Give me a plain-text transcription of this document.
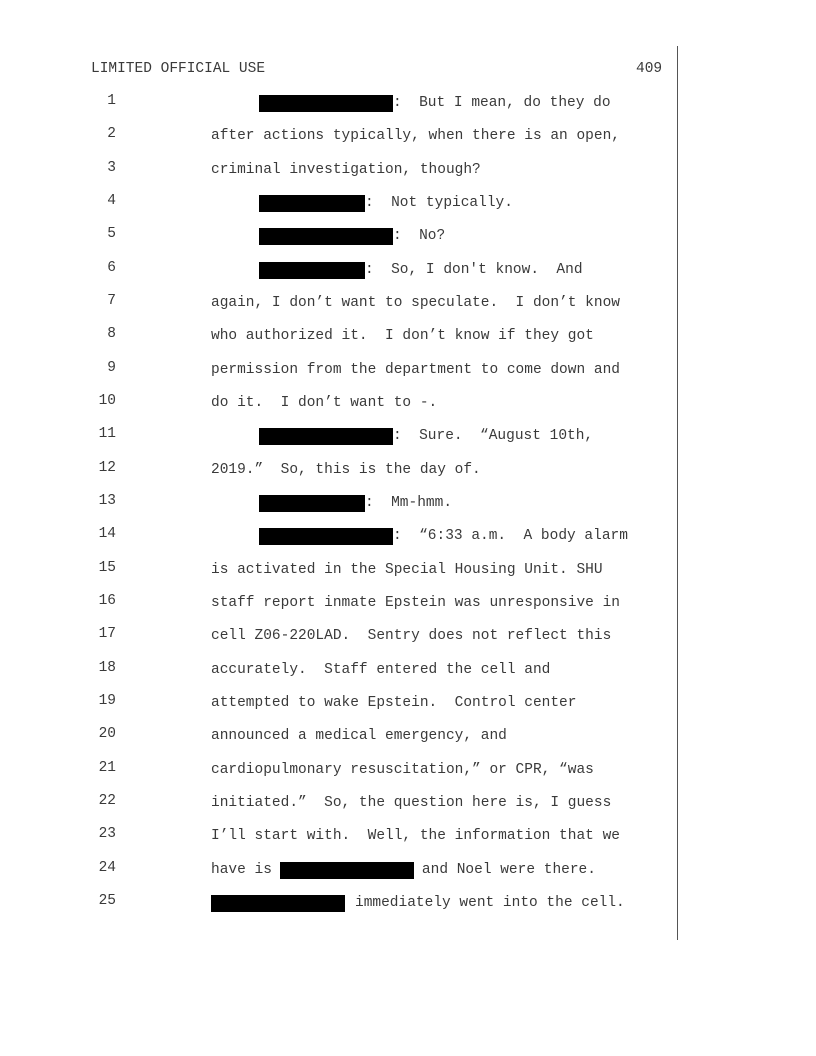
LIMITED OFFICIAL USE	409
1	:  But I mean, do they do
2	after actions typically, when there is an open,
3	criminal investigation, though?
4	:  Not typically.
5	:  No?
6	:  So, I don't know.  And
7	again, I don’t want to speculate.  I don’t know
8	who authorized it.  I don’t know if they got
9	permission from the department to come down and
10	do it.  I don’t want to -.
11	:  Sure.  “August 10th,
12	2019.”  So, this is the day of.
13	:  Mm-hmm.
14	:  “6:33 a.m.  A body alarm
15	is activated in the Special Housing Unit. SHU
16	staff report inmate Epstein was unresponsive in
17	cell Z06-220LAD.  Sentry does not reflect this
18	accurately.  Staff entered the cell and
19	attempted to wake Epstein.  Control center
20	announced a medical emergency, and
21	cardiopulmonary resuscitation,” or CPR, “was
22	initiated.”  So, the question here is, I guess
23	I’ll start with.  Well, the information that we
24	have is	and Noel were there.
25	immediately went into the cell.
